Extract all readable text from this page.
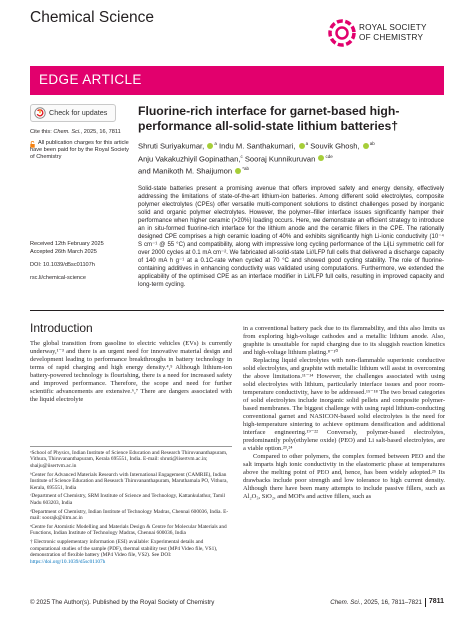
Chemical Science
ROYAL SOCIETY
OF CHEMISTRY
EDGE ARTICLE
Check for updates
Cite this: Chem. Sci., 2025, 16, 7811
All publication charges for this article have been paid for by the Royal Society of Chemistry
Received 12th February 2025
Accepted 26th March 2025
DOI: 10.1039/d5sc01107h
rsc.li/chemical-science
Fluorine-rich interface for garnet-based high-performance all-solid-state lithium batteries†
Shruti Suriyakumar, $^a$ Indu M. Santhakumari, $^a$ Souvik Ghosh, $^{ab}$
Anju Vakakuzhiyil Gopinathan,$^c$ Sooraj Kunnikuruvan $^{cde}$
and Manikoth M. Shaijumon $^{*ab}$
Solid-state batteries present a promising avenue that offers improved safety and energy density, effectively addressing the limitations of state-of-the-art lithium-ion batteries. Among different solid electrolytes, composite polymer electrolytes (CPEs) offer versatile multi-component solutions to distinct challenges posed by inorganic solid and organic polymer electrolytes. However, the polymer–filler interface issues significantly hamper their performance when higher ceramic (>20%) loading occurs. Here, we demonstrate an efficient strategy to introduce an in situ-formed fluorine-rich interface for the lithium anode and the ceramic fillers in the CPE. The rationally designed CPE comprises a high ceramic loading of 40% and exhibits significantly high Li-ionic conductivity (10⁻⁴ S cm⁻¹ @ 55 °C) and compatibility, along with impressive long cycling performance of the Li|Li symmetric cell for over 2000 cycles at 0.1 mA cm⁻². We fabricated all-solid-state Li//LFP full cells that delivered a discharge capacity of 140 mA h g⁻¹ at a 0.1C-rate when cycled at 70 °C and showed good cycling stability. The role of fluorine-containing additives in enhancing conductivity was validated using computations. Furthermore, we extended the applicability of the optimised CPE as an interface modifier in Li//LFP full cells, resulting in improved capacity and long-term cycling.
Introduction
The global transition from gasoline to electric vehicles (EVs) is currently underway,¹⁻³ and there is an urgent need for innovative material design and development leading to performance breakthroughs in battery technology in terms of rapid charging and high energy density.⁴,⁵ Although lithium-ion battery-powered technology is flourishing, there is a need for increased safety and improved performance. Therefore, the scope and need for further scientific advancements are extensive.⁶,⁷ There are dangers associated with the liquid electrolyte
ᵃSchool of Physics, Indian Institute of Science Education and Research Thiruvananthapuram, Vithura, Thiruvananthapuram, Kerala 695551, India. E-mail: shruti@iisertvm.ac.in; shaiju@iisertvm.ac.in
ᵇCenter for Advanced Materials Research with International Engagement (CAMRIE), Indian Institute of Science Education and Research Thiruvananthapuram, Maruthamala PO, Vithura, Kerala, 695551, India
ᶜDepartment of Chemistry, SRM Institute of Science and Technology, Kattankulathur, Tamil Nadu 603203, India
ᵈDepartment of Chemistry, Indian Institute of Technology Madras, Chennai 600036, India. E-mail: soorajk@iitm.ac.in
ᵉCentre for Atomistic Modelling and Materials Design & Centre for Molecular Materials and Functions, Indian Institute of Technology Madras, Chennai 600036, India
† Electronic supplementary information (ESI) available: Experimental details and computational studies of the sample (PDF), thermal stability test (MP4 Video file, VS1), demonstration of flexible battery (MP4 Video file, VS2). See DOI: https://doi.org/10.1039/d5sc01107h
in a conventional battery pack due to its flammability, and this also limits us from exploring high-voltage cathodes and a metallic lithium anode. Also, graphite is unsuitable for rapid charging due to its sluggish reaction kinetics and high-voltage lithium plating.⁸⁻¹⁰
Replacing liquid electrolytes with non-flammable superionic conductive solid electrolytes, and graphite with metallic lithium will assist in overcoming the above limitations.¹¹⁻¹⁴ However, the challenges associated with using solid electrolytes with lithium, particularly interface issues and poor room-temperature conductivity, have to be addressed.¹⁵⁻¹⁸ The two broad categories of solid electrolytes include inorganic solid pellets and composite polymer-based membranes. The biggest challenge with using rapid lithium-conducting conventional garnet and NASICON-based solid electrolytes is the need for high-temperature sintering to achieve optimum densification and additional interface engineering.¹⁹⁻²² Conversely, polymer-based electrolytes, predominantly poly(ethylene oxide) (PEO) and Li salt-based electrolytes, are a viable option.²³,²⁴
Compared to other polymers, the complex formed between PEO and the salt imparts high ionic conductivity in the elastomeric phase at temperatures above the melting point of PEO and, hence, has been widely adopted.²⁵ Its drawbacks include poor strength and low tolerance to high current density. Although there have been many attempts to include passive fillers, such as Al₂O₃, SiO₂, and MOFs and active fillers, such as
© 2025 The Author(s). Published by the Royal Society of Chemistry	Chem. Sci., 2025, 16, 7811–7821 7811
